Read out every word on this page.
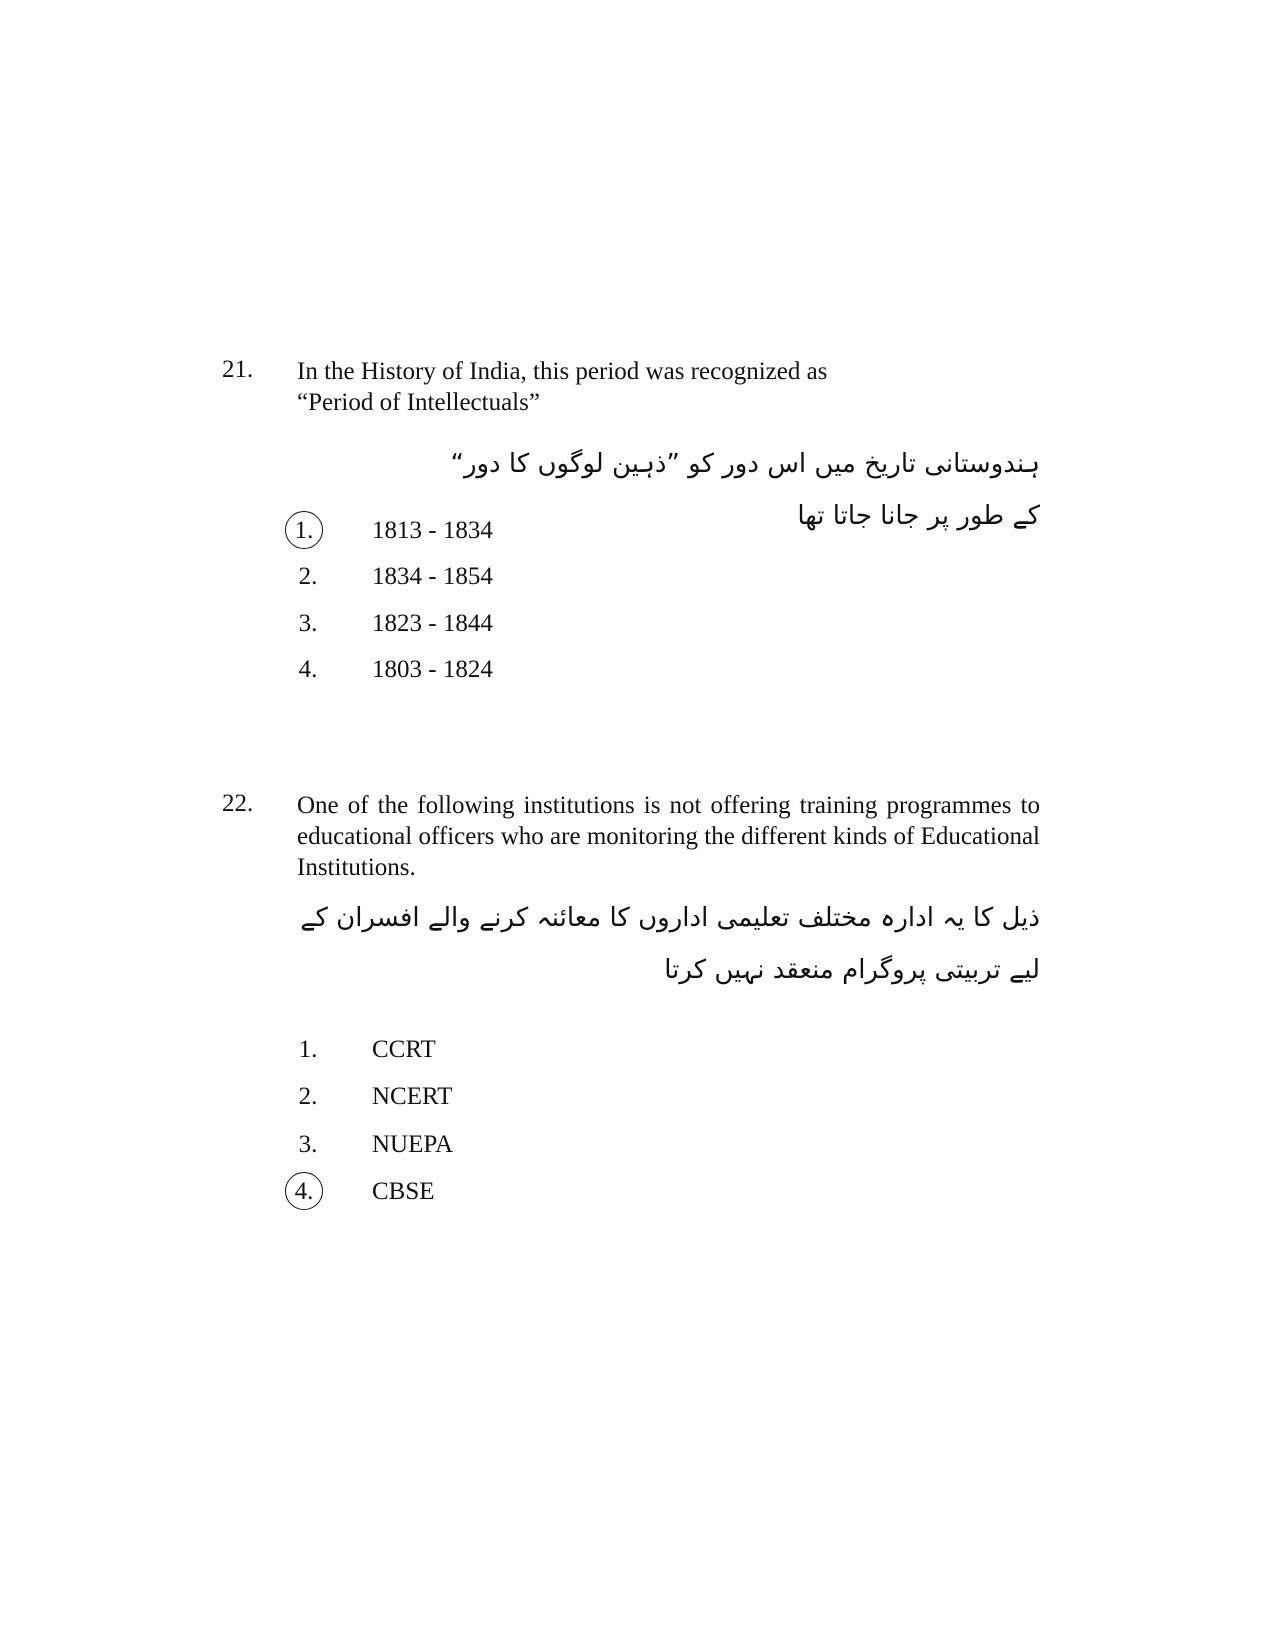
21. In the History of India, this period was recognized as
“Period of Intellectuals”
ہندوستانی تاریخ میں اس دور کو ”ذہین لوگوں کا دور“ کے طور پر جانا جاتا تھا
1.	1813 - 1834
2. 1834 - 1854
3. 1823 - 1844
4. 1803 - 1824
22. One of the following institutions is not offering training programmes to educational officers who are monitoring the different kinds of Educational Institutions.
ذیل کا یہ ادارہ مختلف تعلیمی اداروں کا معائنہ کرنے والے افسران کے لیے تربیتی پروگرام منعقد نہیں کرتا
1. CCRT
2. NCERT
3. NUEPA
4.	CBSE
